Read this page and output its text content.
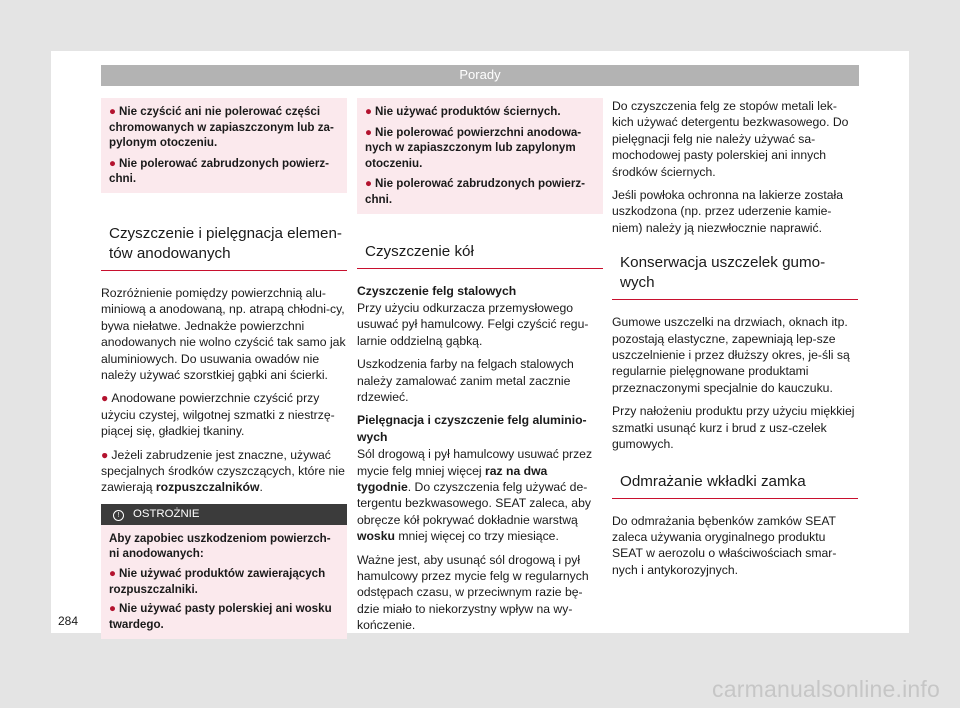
Porady

● Nie czyścić ani nie polerować części chromowanych w zapiaszczonym lub za-pylonym otoczeniu.

● Nie polerować zabrudzonych powierz-chni.

Czyszczenie i pielęgnacja elemen-tów anodowanych

Rozróżnienie pomiędzy powierzchnią alu-miniową a anodowaną, np. atrapą chłodni-cy, bywa niełatwe. Jednakże powierzchni anodowanych nie wolno czyścić tak samo jak aluminiowych. Do usuwania owadów nie należy używać szorstkiej gąbki ani ścierki.

● Anodowane powierzchnie czyścić przy użyciu czystej, wilgotnej szmatki z niestrzę-piącej się, gładkiej tkaniny.

● Jeżeli zabrudzenie jest znaczne, używać specjalnych środków czyszczących, które nie zawierają rozpuszczalników.

! OSTROŻNIE

Aby zapobiec uszkodzeniom powierzch-ni anodowanych:

● Nie używać produktów zawierających rozpuszczalniki.

● Nie używać pasty polerskiej ani wosku twardego.

● Nie używać produktów ściernych.

● Nie polerować powierzchni anodowa-nych w zapiaszczonym lub zapylonym otoczeniu.

● Nie polerować zabrudzonych powierz-chni.

Czyszczenie kół

Czyszczenie felg stalowych

Przy użyciu odkurzacza przemysłowego usuwać pył hamulcowy. Felgi czyścić regu-larnie oddzielną gąbką.

Uszkodzenia farby na felgach stalowych należy zamalować zanim metal zacznie rdzewieć.

Pielęgnacja i czyszczenie felg aluminio-wych

Sól drogową i pył hamulcowy usuwać przez mycie felg mniej więcej raz na dwa tygodnie. Do czyszczenia felg używać de-tergentu bezkwasowego. SEAT zaleca, aby obręcze kół pokrywać dokładnie warstwą wosku mniej więcej co trzy miesiące.

Ważne jest, aby usunąć sól drogową i pył hamulcowy przez mycie felg w regularnych odstępach czasu, w przeciwnym razie bę-dzie miało to niekorzystny wpływ na wy-kończenie.

Do czyszczenia felg ze stopów metali lek-kich używać detergentu bezkwasowego. Do pielęgnacji felg nie należy używać sa-mochodowej pasty polerskiej ani innych środków ściernych.

Jeśli powłoka ochronna na lakierze została uszkodzona (np. przez uderzenie kamie-niem) należy ją niezwłocznie naprawić.

Konserwacja uszczelek gumo-wych

Gumowe uszczelki na drzwiach, oknach itp. pozostają elastyczne, zapewniają lep-sze uszczelnienie i przez dłuższy okres, je-śli są regularnie pielęgnowane produktami przeznaczonymi specjalnie do kauczuku.

Przy nałożeniu produktu przy użyciu miękkiej szmatki usunąć kurz i brud z usz-czelek gumowych.

Odmrażanie wkładki zamka

Do odmrażania bębenków zamków SEAT zaleca używania oryginalnego produktu SEAT w aerozolu o właściwościach smar-nych i antykorozyjnych.

284
carmanualsonline.info
